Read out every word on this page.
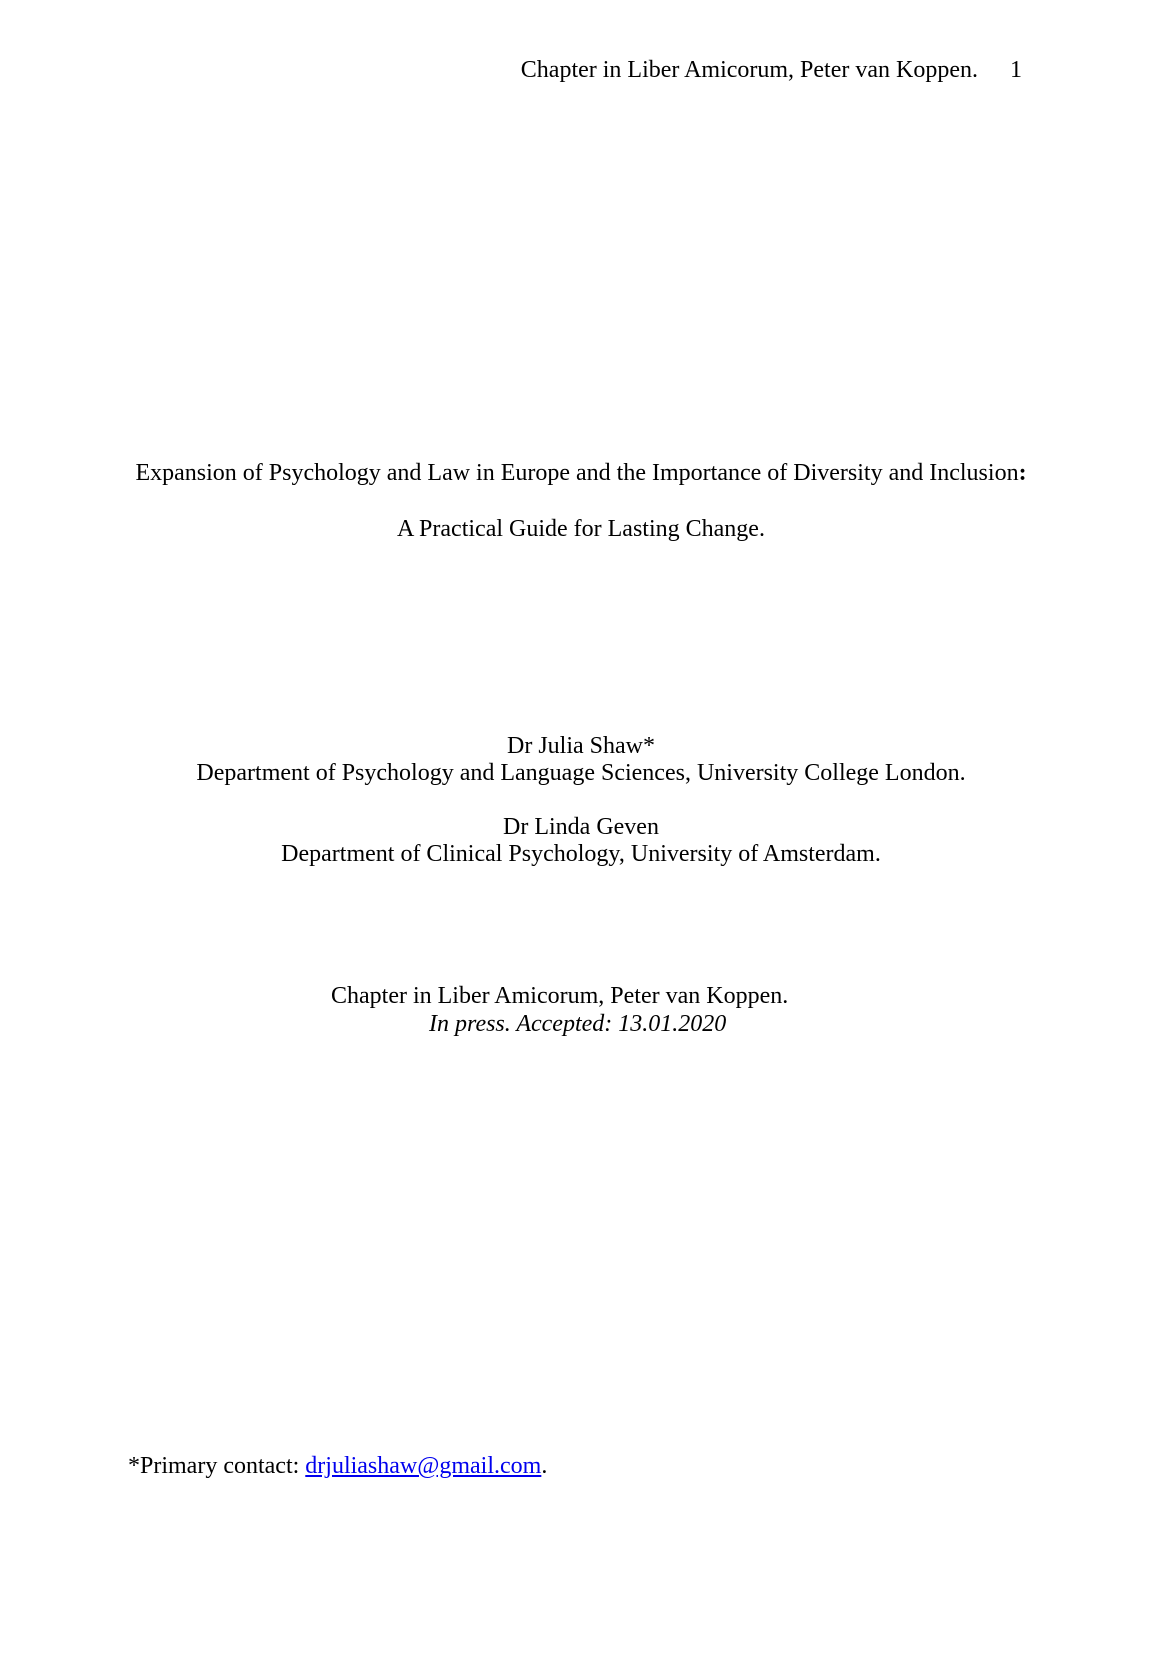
Chapter in Liber Amicorum, Peter van Koppen. 1
Expansion of Psychology and Law in Europe and the Importance of Diversity and Inclusion:
A Practical Guide for Lasting Change.
Dr Julia Shaw*
Department of Psychology and Language Sciences, University College London.
Dr Linda Geven
Department of Clinical Psychology, University of Amsterdam.
Chapter in Liber Amicorum, Peter van Koppen.
In press. Accepted: 13.01.2020
*Primary contact: drjuliashaw@gmail.com.
